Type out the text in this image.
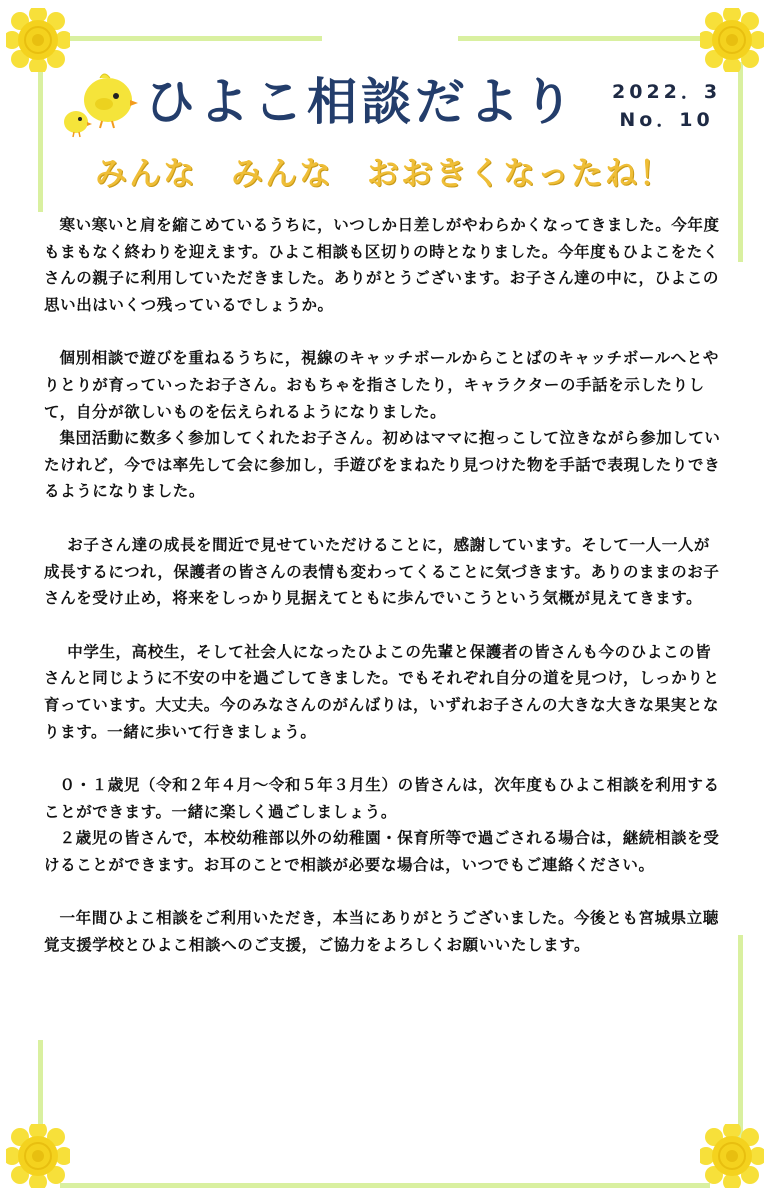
ひよこ相談だより 2022．3
No．10
みんな　みんな　おおきくなったね！

寒い寒いと肩を縮こめているうちに，いつしか日差しがやわらかくなってきました。今年度もまもなく終わりを迎えます。ひよこ相談も区切りの時となりました。今年度もひよこをたくさんの親子に利用していただきました。ありがとうございます。お子さん達の中に，ひよこの思い出はいくつ残っているでしょうか。

個別相談で遊びを重ねるうちに，視線のキャッチボールからことばのキャッチボールへとやりとりが育っていったお子さん。おもちゃを指さしたり，キャラクターの手話を示したりして，自分が欲しいものを伝えられるようになりました。

集団活動に数多く参加してくれたお子さん。初めはママに抱っこして泣きながら参加していたけれど，今では率先して会に参加し，手遊びをまねたり見つけた物を手話で表現したりできるようになりました。

お子さん達の成長を間近で見せていただけることに，感謝しています。そして一人一人が成長するにつれ，保護者の皆さんの表情も変わってくることに気づきます。ありのままのお子さんを受け止め，将来をしっかり見据えてともに歩んでいこうという気概が見えてきます。

中学生，高校生，そして社会人になったひよこの先輩と保護者の皆さんも今のひよこの皆さんと同じように不安の中を過ごしてきました。でもそれぞれ自分の道を見つけ，しっかりと育っています。大丈夫。今のみなさんのがんばりは，いずれお子さんの大きな大きな果実となります。一緒に歩いて行きましょう。

０・１歳児（令和２年４月～令和５年３月生）の皆さんは，次年度もひよこ相談を利用することができます。一緒に楽しく過ごしましょう。

２歳児の皆さんで，本校幼稚部以外の幼稚園・保育所等で過ごされる場合は，継続相談を受けることができます。お耳のことで相談が必要な場合は，いつでもご連絡ください。

一年間ひよこ相談をご利用いただき，本当にありがとうございました。今後とも宮城県立聴覚支援学校とひよこ相談へのご支援，ご協力をよろしくお願いいたします。
